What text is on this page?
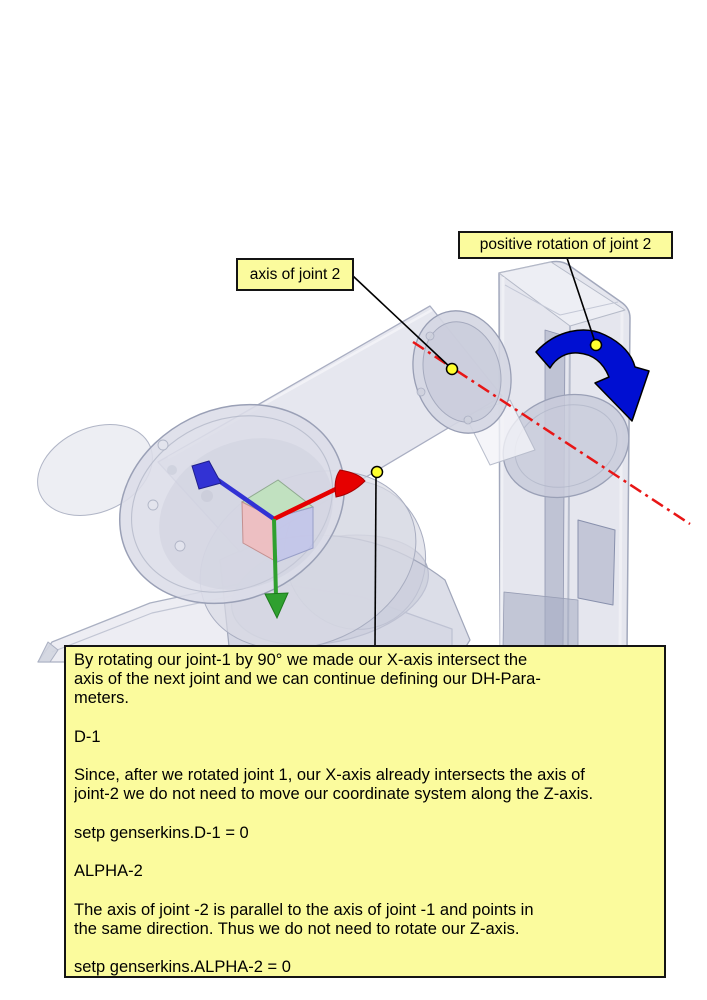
positive rotation of joint 2
axis of joint 2
By rotating our joint-1 by 90° we made our X-axis intersect the
axis of the next joint and we can continue defining our DH-Para-
meters.
D-1
Since, after we rotated joint 1, our X-axis already intersects the axis of
joint-2 we do not need to move our coordinate system along the Z-axis.
setp genserkins.D-1 = 0
ALPHA-2
The axis of joint -2 is parallel to the axis of joint -1 and points in
the same direction. Thus we do not need to rotate our Z-axis.
setp genserkins.ALPHA-2 = 0
